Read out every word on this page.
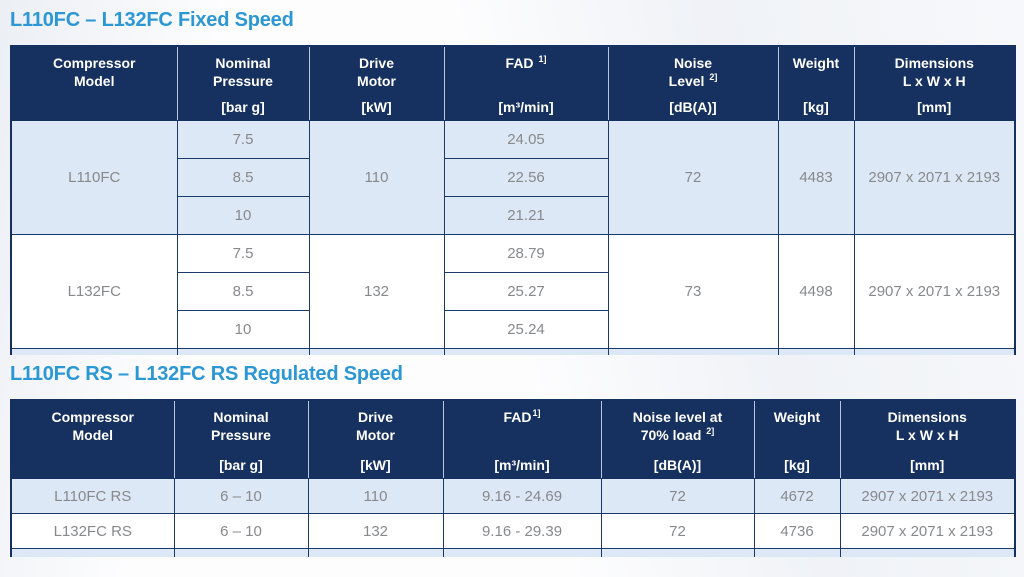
L110FC – L132FC Fixed Speed
Compressor
Model

Nominal
Pressure
[bar g]

Drive
Motor
[kW]

FAD $^{1]}$
[m³/min]

Noise
Level $^{2]}$
[dB(A)]

Weight
[kg]

Dimensions
L x W x H
[mm]

L110FC	7.5	110	24.05	72	4483	2907 x 2071 x 2193
	8.5		22.56			
	10		21.21			
L132FC	7.5	132	28.79	73	4498	2907 x 2071 x 2193
	8.5		25.27			
	10		25.24			

L110FC RS – L132FC RS Regulated Speed
Compressor
Model

Nominal
Pressure
[bar g]

Drive
Motor
[kW]

FAD$^{1]}$
[m³/min]

Noise level at
70% load $^{2]}$
[dB(A)]

Weight
[kg]

Dimensions
L x W x H
[mm]

L110FC RS	6 – 10	110	9.16 - 24.69	72	4672	2907 x 2071 x 2193
L132FC RS	6 – 10	132	9.16 - 29.39	72	4736	2907 x 2071 x 2193
